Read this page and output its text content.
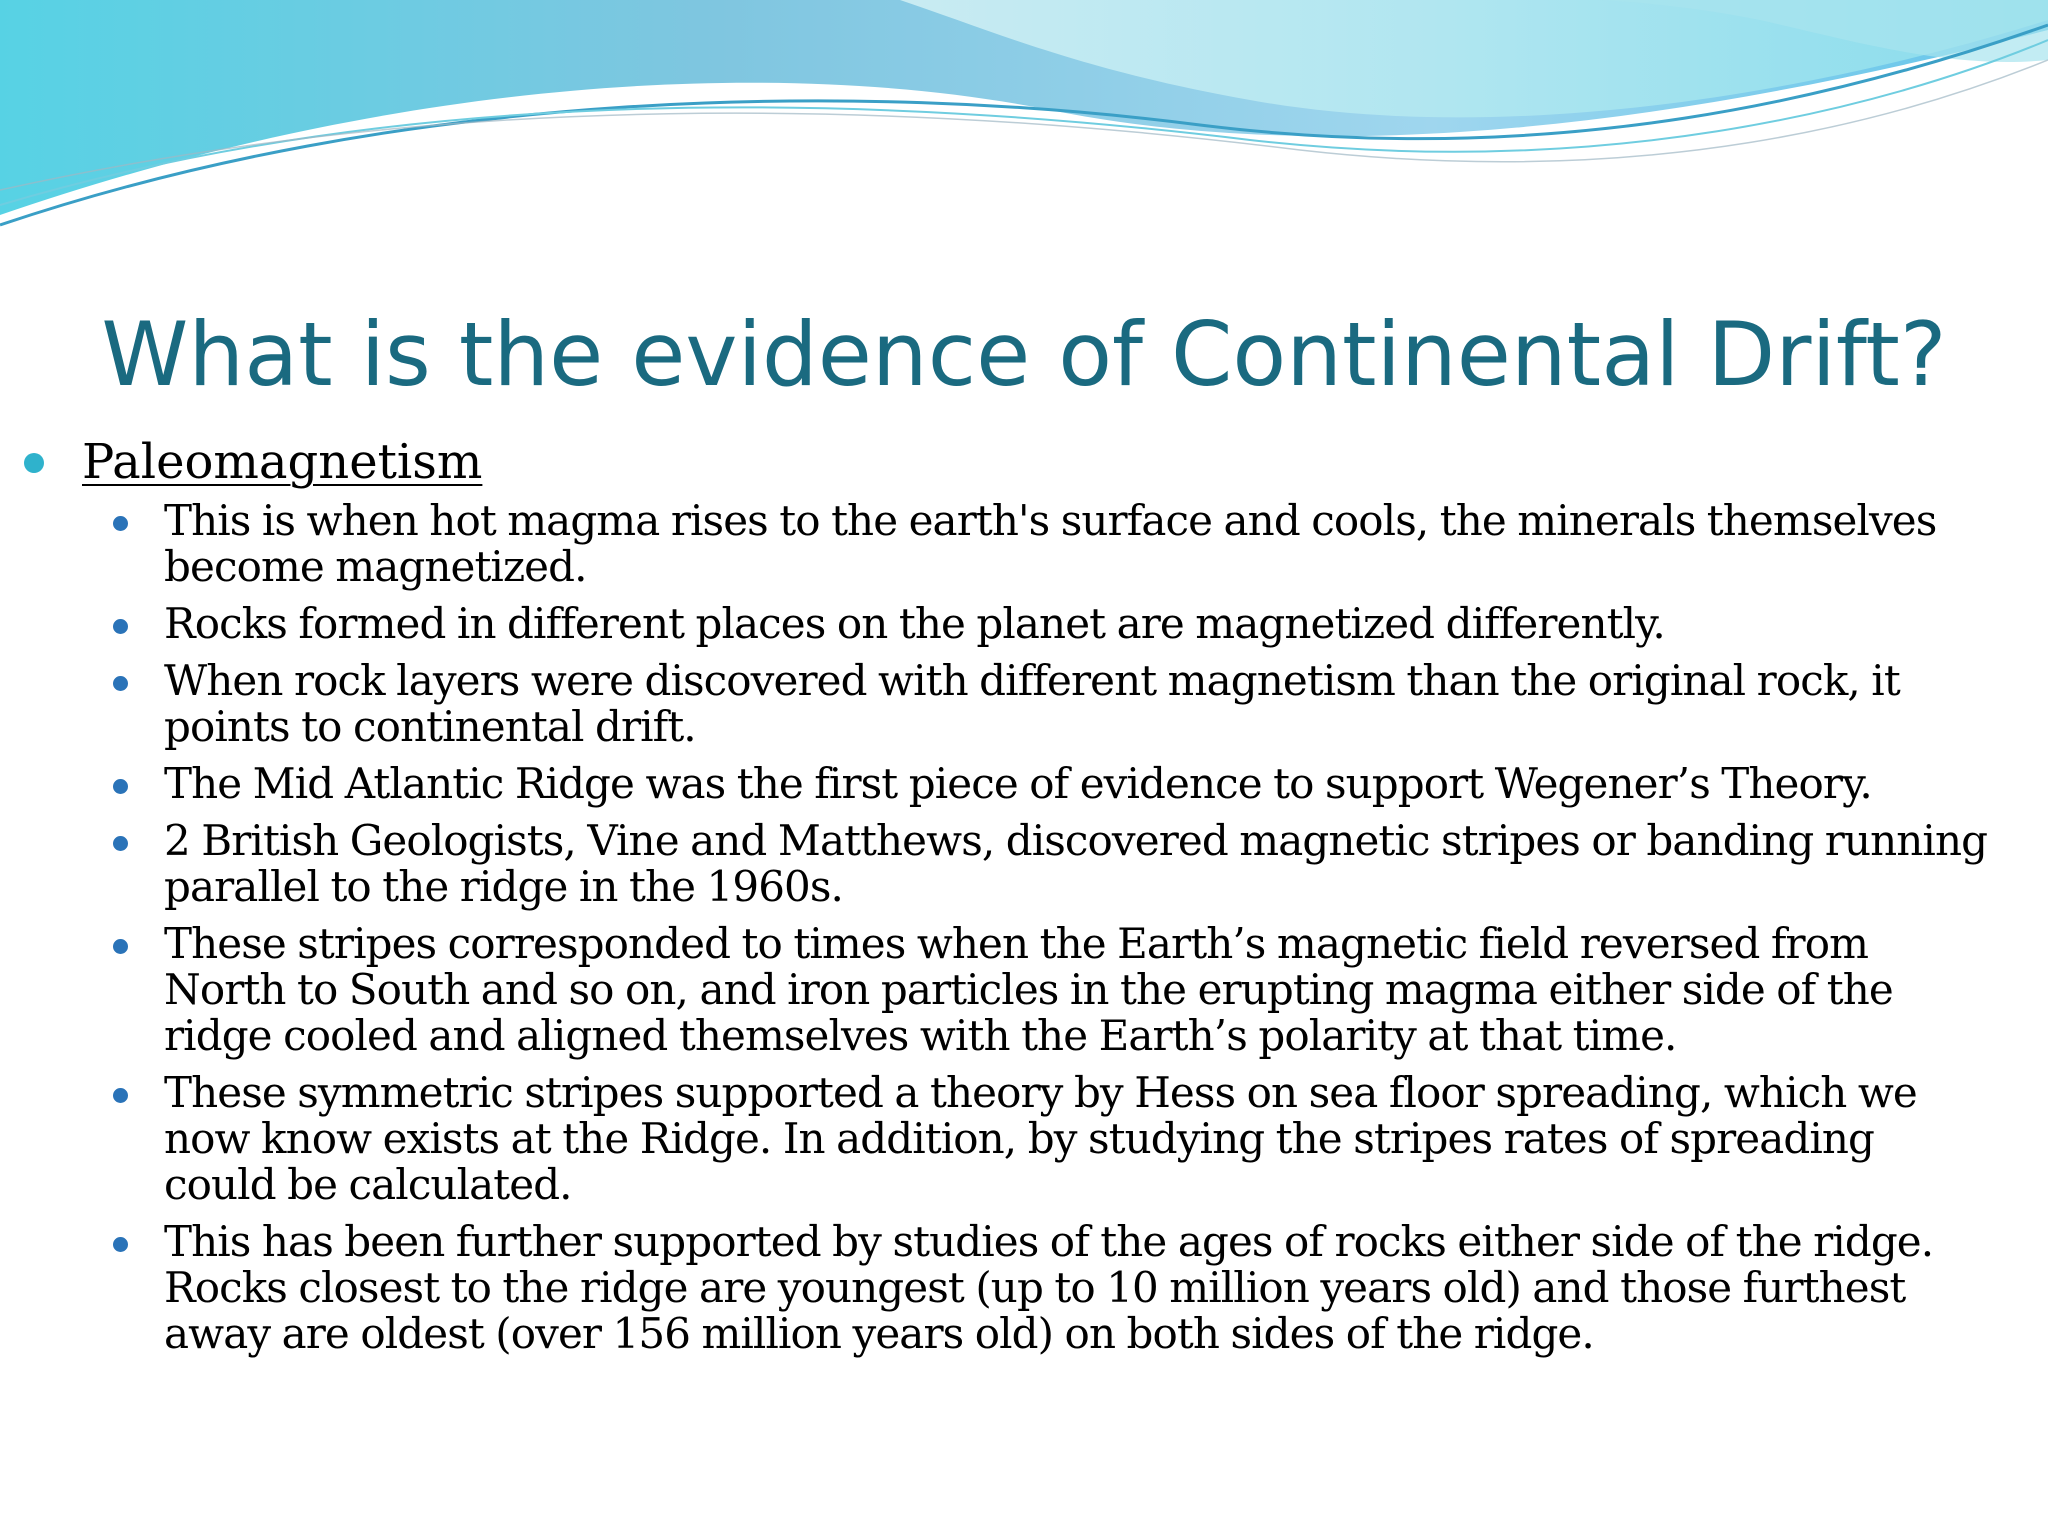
What is the evidence of Continental Drift?
Paleomagnetism
This is when hot magma rises to the earth's surface and cools, the minerals themselves become magnetized.
Rocks formed in different places on the planet are magnetized differently.
When rock layers were discovered with different magnetism than the original rock, it points to continental drift.
The Mid Atlantic Ridge was the first piece of evidence to support Wegener’s Theory.
2 British Geologists, Vine and Matthews, discovered magnetic stripes or banding running parallel to the ridge in the 1960s.
These stripes corresponded to times when the Earth’s magnetic field reversed from North to South and so on, and iron particles in the erupting magma either side of the ridge cooled and aligned themselves with the Earth’s polarity at that time.
These symmetric stripes supported a theory by Hess on sea floor spreading, which we now know exists at the Ridge. In addition, by studying the stripes rates of spreading could be calculated.
This has been further supported by studies of the ages of rocks either side of the ridge. Rocks closest to the ridge are youngest (up to 10 million years old) and those furthest away are oldest (over 156 million years old) on both sides of the ridge.
